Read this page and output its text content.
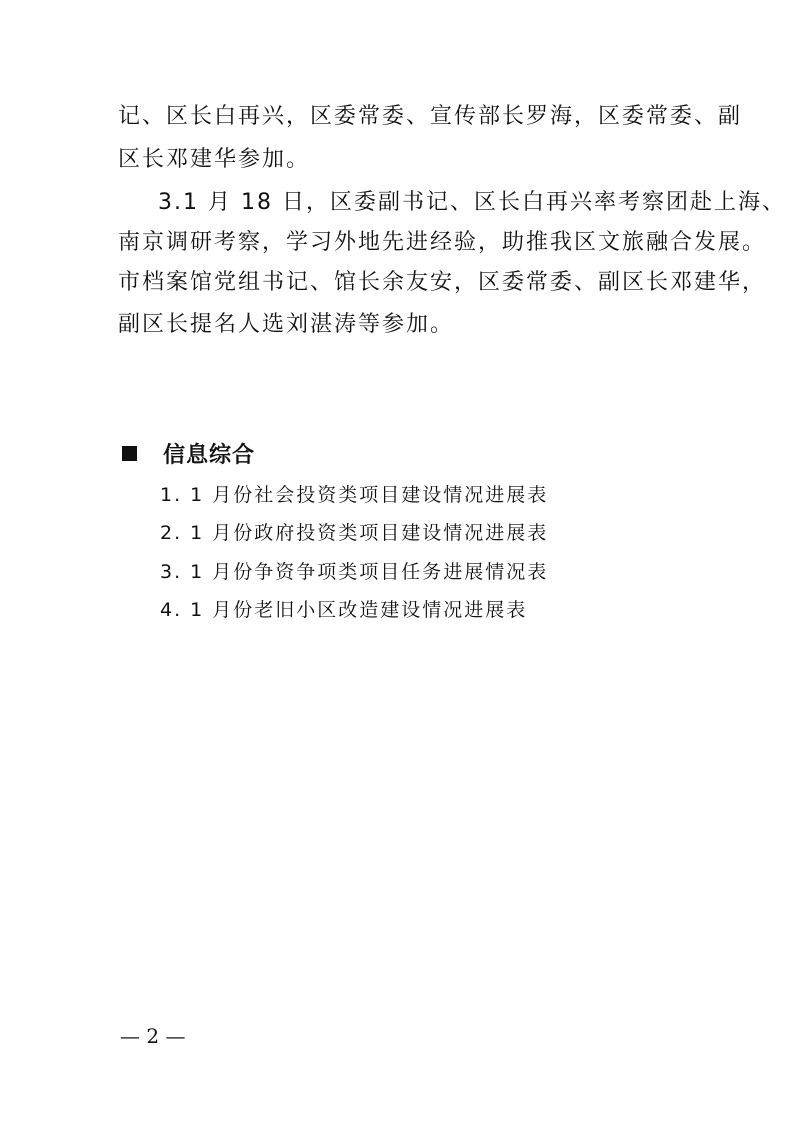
记、区长白再兴，区委常委、宣传部长罗海，区委常委、副
区长邓建华参加。
3.1 月 18 日，区委副书记、区长白再兴率考察团赴上海、
南京调研考察，学习外地先进经验，助推我区文旅融合发展。
市档案馆党组书记、馆长余友安，区委常委、副区长邓建华，
副区长提名人选刘湛涛等参加。
信息综合
1. 1 月份社会投资类项目建设情况进展表
2. 1 月份政府投资类项目建设情况进展表
3. 1 月份争资争项类项目任务进展情况表
4. 1 月份老旧小区改造建设情况进展表
— 2 —
